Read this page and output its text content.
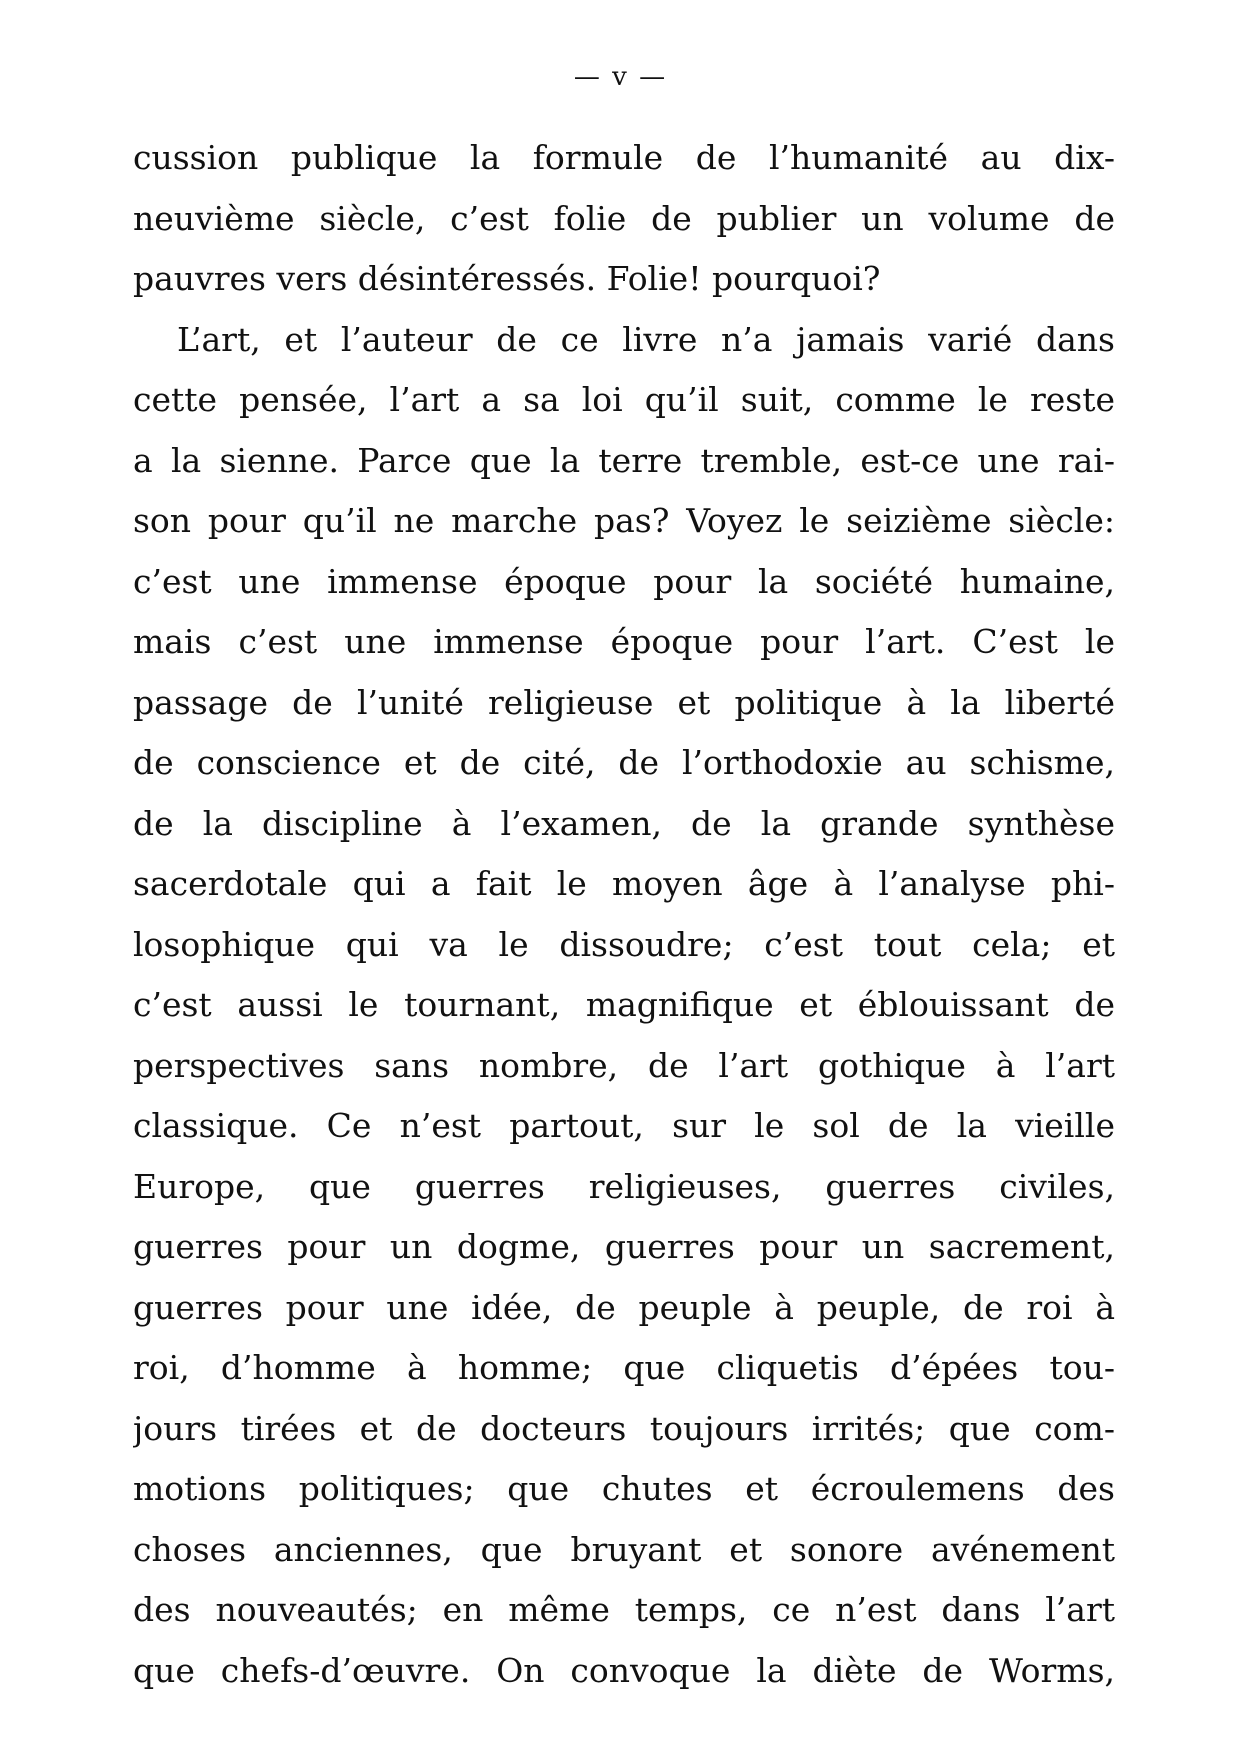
— v —
cussion publique la formule de l’humanité au dix-
neuvième siècle, c’est folie de publier un volume de
pauvres vers désintéressés. Folie! pourquoi?
L’art, et l’auteur de ce livre n’a jamais varié dans
cette pensée, l’art a sa loi qu’il suit, comme le reste
a la sienne. Parce que la terre tremble, est-ce une rai-
son pour qu’il ne marche pas? Voyez le seizième siècle:
c’est une immense époque pour la société humaine,
mais c’est une immense époque pour l’art. C’est le
passage de l’unité religieuse et politique à la liberté
de conscience et de cité, de l’orthodoxie au schisme,
de la discipline à l’examen, de la grande synthèse
sacerdotale qui a fait le moyen âge à l’analyse phi-
losophique qui va le dissoudre; c’est tout cela; et
c’est aussi le tournant, magnifique et éblouissant de
perspectives sans nombre, de l’art gothique à l’art
classique. Ce n’est partout, sur le sol de la vieille
Europe, que guerres religieuses, guerres civiles,
guerres pour un dogme, guerres pour un sacrement,
guerres pour une idée, de peuple à peuple, de roi à
roi, d’homme à homme; que cliquetis d’épées tou-
jours tirées et de docteurs toujours irrités; que com-
motions politiques; que chutes et écroulemens des
choses anciennes, que bruyant et sonore avénement
des nouveautés; en même temps, ce n’est dans l’art
que chefs-d’œuvre. On convoque la diète de Worms,
